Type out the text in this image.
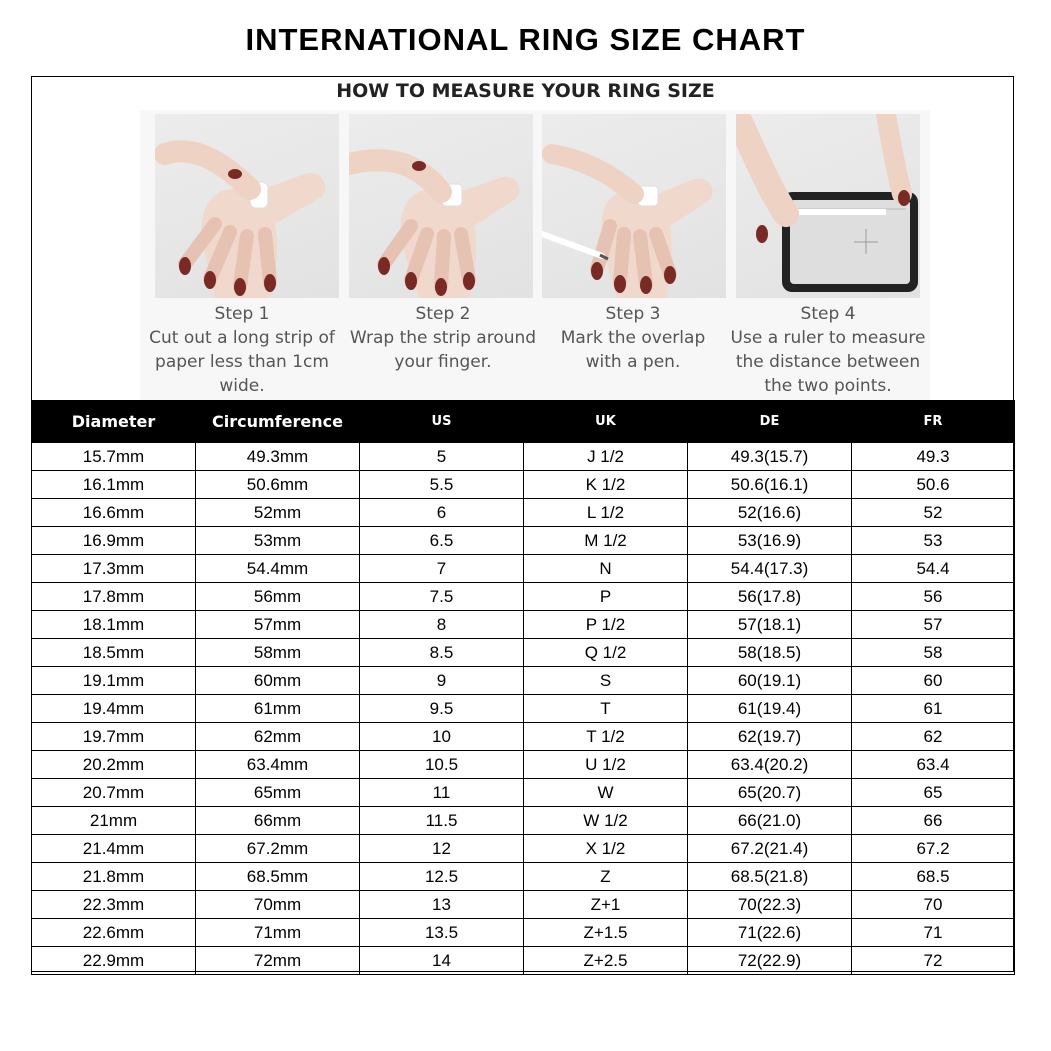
INTERNATIONAL RING SIZE CHART
HOW TO MEASURE YOUR RING SIZE
Step 1
Cut out a long strip of
paper less than 1cm
wide.
Step 2
Wrap the strip around
your finger.
Step 3
Mark the overlap
with a pen.
Step 4
Use a ruler to measure
the distance between
the two points.
Diameter	Circumference	US	UK	DE	FR
15.7mm	49.3mm	5	J 1/2	49.3(15.7)	49.3
16.1mm	50.6mm	5.5	K 1/2	50.6(16.1)	50.6
16.6mm	52mm	6	L 1/2	52(16.6)	52
16.9mm	53mm	6.5	M 1/2	53(16.9)	53
17.3mm	54.4mm	7	N	54.4(17.3)	54.4
17.8mm	56mm	7.5	P	56(17.8)	56
18.1mm	57mm	8	P 1/2	57(18.1)	57
18.5mm	58mm	8.5	Q 1/2	58(18.5)	58
19.1mm	60mm	9	S	60(19.1)	60
19.4mm	61mm	9.5	T	61(19.4)	61
19.7mm	62mm	10	T 1/2	62(19.7)	62
20.2mm	63.4mm	10.5	U 1/2	63.4(20.2)	63.4
20.7mm	65mm	11	W	65(20.7)	65
21mm	66mm	11.5	W 1/2	66(21.0)	66
21.4mm	67.2mm	12	X 1/2	67.2(21.4)	67.2
21.8mm	68.5mm	12.5	Z	68.5(21.8)	68.5
22.3mm	70mm	13	Z+1	70(22.3)	70
22.6mm	71mm	13.5	Z+1.5	71(22.6)	71
22.9mm	72mm	14	Z+2.5	72(22.9)	72
